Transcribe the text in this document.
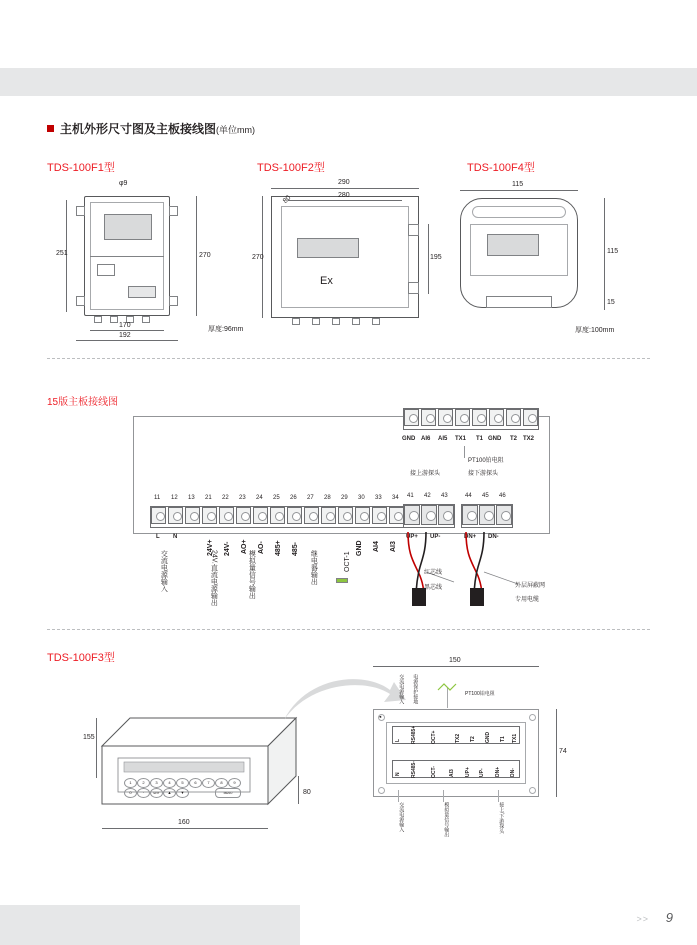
主机外形尺寸图及主板接线图(单位mm)
TDS-100F1型
φ9
251	270
170
192
厚度:96mm
TDS-100F2型
Ex
290
280
80
270	195
TDS-100F4型
115
115
15
厚度:100mm
15版主板接线图
GND AI6 AI5 TX1 T1 GND T2 TX2
PT100铂电阻
11 12 13 21 22 23 24 25 26 27 28 29 30 33 34 41 42 43	44 45 46
接上游探头	接下游探头
L N
24V+ 24V- AO+ AO- 485+ 485-	GND AI4 AI3
UP+ UP-	DN+ DN-
交流电源输入	24V.直流电源输出	模拟量信号输出	继电器输出	OCT-1
红芯线
黑芯线	外层屏蔽网
专用电缆
TDS-100F3型
1	2	3	4	5	6	7	8	9
0	·	ENT	▲	▼	MENU
155
80
160
◄
L RS485+	OCT+	TX2 T2 GND T1 TX1
N RS485-	OCT- AI3 UP+ UP- DN+ DN-
150
74
交流电源输入 电源保护接地	PT100铂电阻
交流电源输入	模拟量信号输出	接上/下游探头
>> 9
